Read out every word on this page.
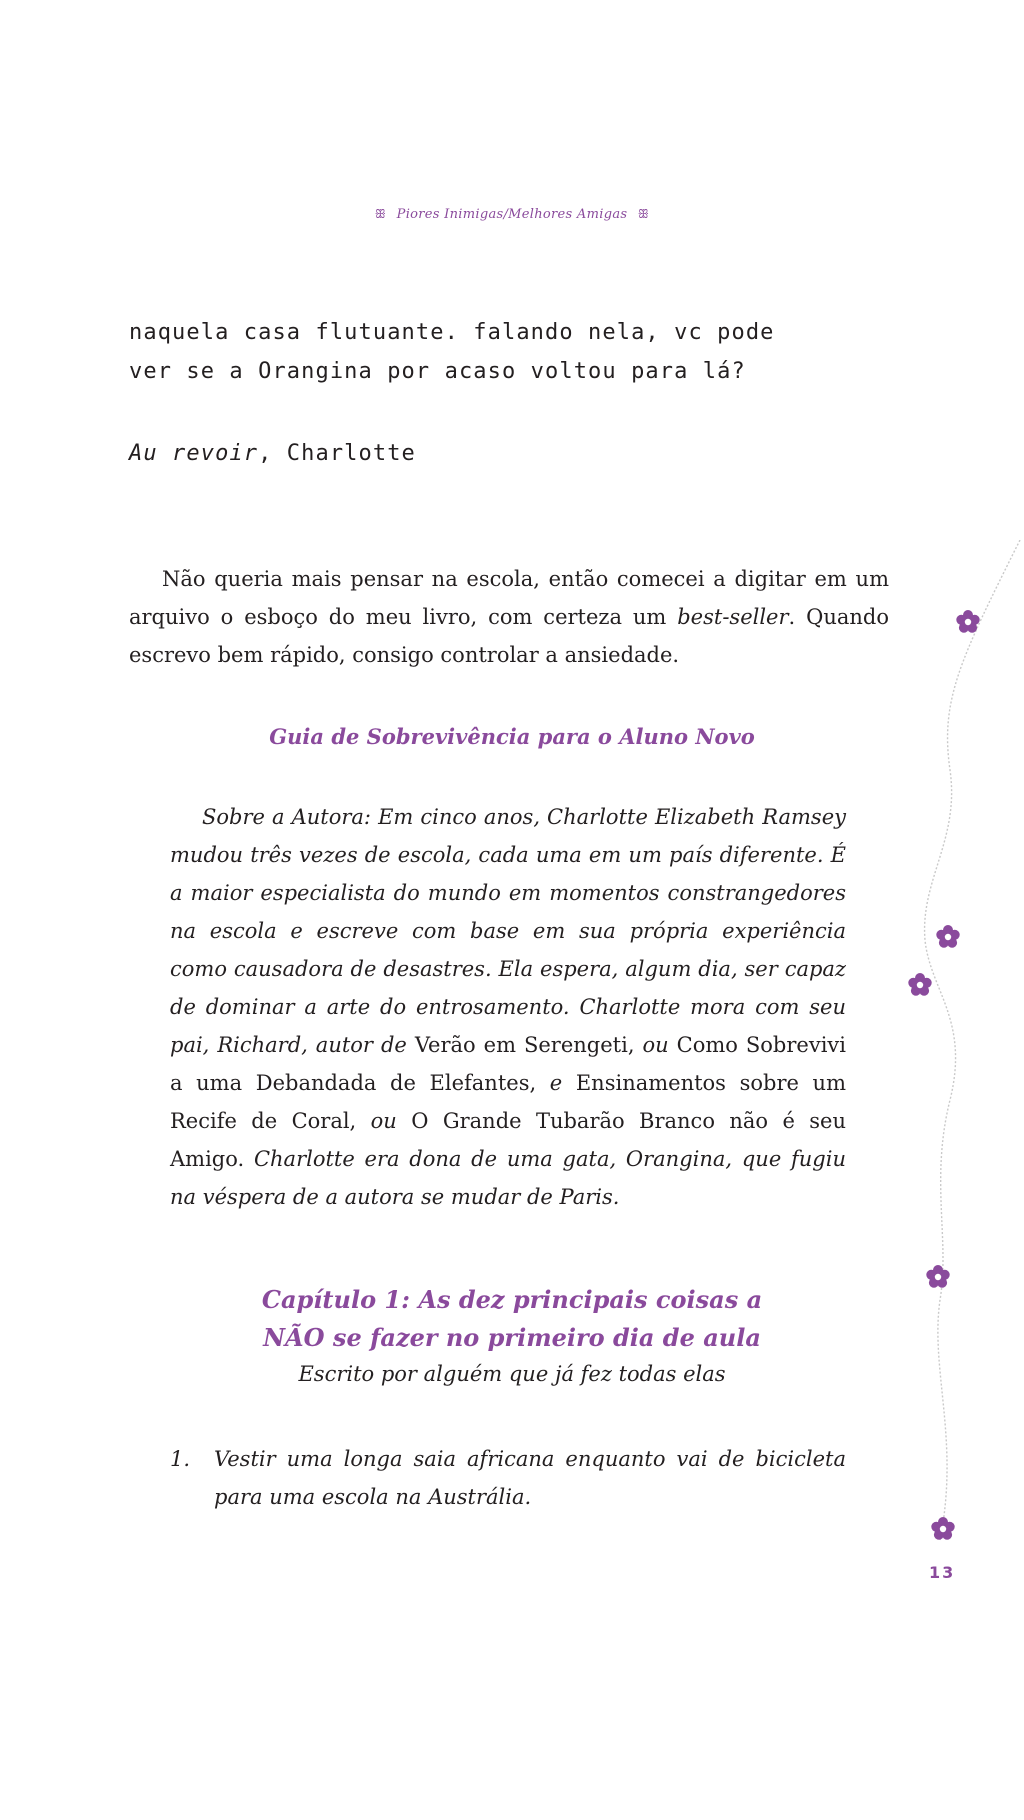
ꕥ Piores Inimigas/Melhores Amigas ꕥ
naquela casa flutuante. falando nela, vc pode
ver se a Orangina por acaso voltou para lá?
Au revoir, Charlotte

Não queria mais pensar na escola, então comecei a digitar em um arquivo o esboço do meu livro, com certeza um best-seller. Quando escrevo bem rápido, consigo controlar a ansiedade.

Guia de Sobrevivência para o Aluno Novo

Sobre a Autora: Em cinco anos, Charlotte Elizabeth Ramsey mudou três vezes de escola, cada uma em um país diferente. É a maior especialista do mundo em momentos constrangedores na escola e escreve com base em sua própria experiência como causadora de desastres. Ela espera, algum dia, ser capaz de dominar a arte do entrosamento. Charlotte mora com seu pai, Richard, autor de Verão em Serengeti, ou Como Sobrevivi a uma Debandada de Elefantes, e Ensinamentos sobre um Recife de Coral, ou O Grande Tubarão Branco não é seu Amigo. Charlotte era dona de uma gata, Orangina, que fugiu na véspera de a autora se mudar de Paris.

Capítulo 1: As dez principais coisas a
NÃO se fazer no primeiro dia de aula
Escrito por alguém que já fez todas elas
1. Vestir uma longa saia africana enquanto vai de bicicleta para uma escola na Austrália.
13
